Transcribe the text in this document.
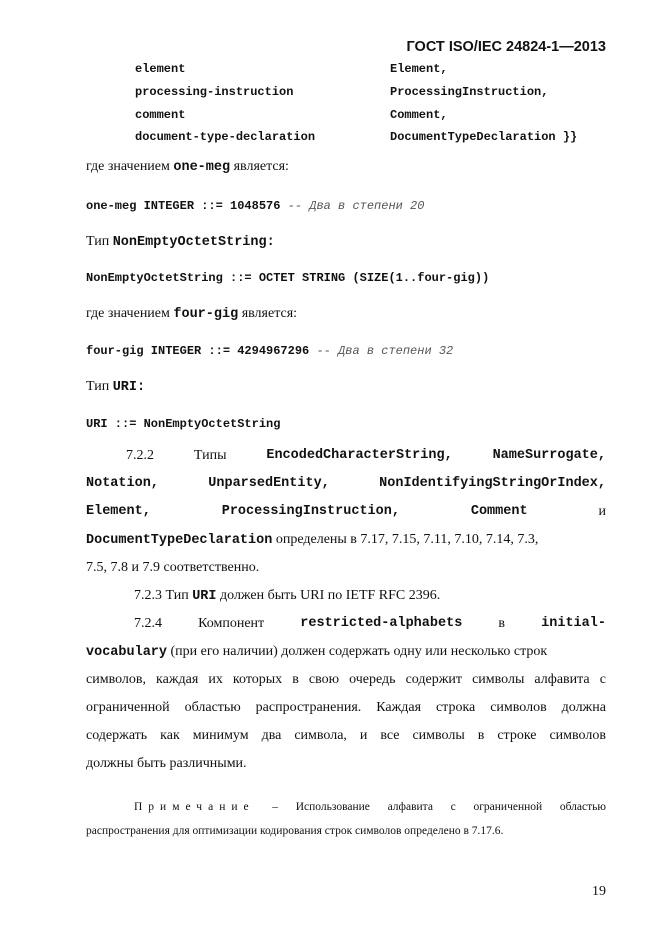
ГОСТ ISO/IEC 24824-1—2013
element	Element,
processing-instruction	ProcessingInstruction,
comment	Comment,
document-type-declaration	DocumentTypeDeclaration }}
где значением one-meg является:
one-meg INTEGER ::= 1048576 -- Два в степени 20
Тип NonEmptyOctetString:
NonEmptyOctetString ::= OCTET STRING (SIZE(1..four-gig))
где значением four-gig является:
four-gig INTEGER ::= 4294967296 -- Два в степени 32
Тип URI:
URI ::= NonEmptyOctetString
7.2.2	Типы	EncodedCharacterString,	NameSurrogate,
Notation,	UnparsedEntity,	NonIdentifyingStringOrIndex,
Element,	ProcessingInstruction,	Comment	и
DocumentTypeDeclaration определены в 7.17, 7.15, 7.11, 7.10, 7.14, 7.3,
7.5, 7.8 и 7.9 соответственно.
7.2.3 Тип URI должен быть URI по IETF RFC 2396.
7.2.4	Компонент	restricted-alphabets	в	initial-
vocabulary (при его наличии) должен содержать одну или несколько строк
символов, каждая их которых в свою очередь содержит символы алфавита с
ограниченной областью распространения. Каждая строка символов должна
содержать как минимум два символа, и все символы в строке символов
должны быть различными.
Примечание – Использование алфавита с ограниченной областью
распространения для оптимизации кодирования строк символов определено в 7.17.6.
19
